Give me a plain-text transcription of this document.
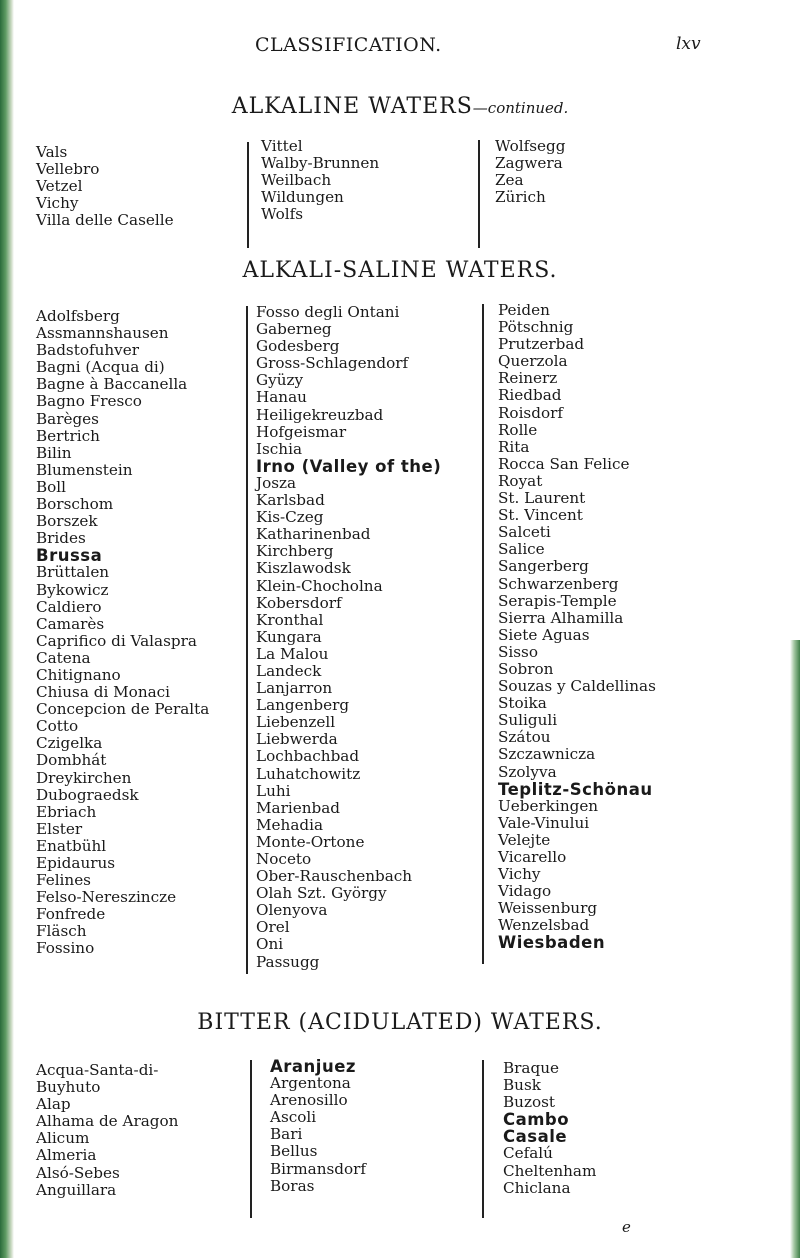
CLASSIFICATION.	lxv
ALKALINE WATERS—continued.
Vals
Vellebro
Vetzel
Vichy
Villa delle Caselle
Vittel
Walby-Brunnen
Weilbach
Wildungen
Wolfs
Wolfsegg
Zagwera
Zea
Zürich
ALKALI-SALINE WATERS.
Adolfsberg
Assmannshausen
Badstofuhver
Bagni (Acqua di)
Bagne à Baccanella
Bagno Fresco
Barèges
Bertrich
Bilin
Blumenstein
Boll
Borschom
Borszek
Brides
Brussa
Brüttalen
Bykowicz
Caldiero
Camarès
Caprifico di Valaspra
Catena
Chitignano
Chiusa di Monaci
Concepcion de Peralta
Cotto
Czigelka
Dombhát
Dreykirchen
Dubograedsk
Ebriach
Elster
Enatbühl
Epidaurus
Felines
Felso-Nereszincze
Fonfrede
Fläsch
Fossino
Fosso degli Ontani
Gaberneg
Godesberg
Gross-Schlagendorf
Gyüzy
Hanau
Heiligekreuzbad
Hofgeismar
Ischia
Irno (Valley of the)
Josza
Karlsbad
Kis-Czeg
Katharinenbad
Kirchberg
Kiszlawodsk
Klein-Chocholna
Kobersdorf
Kronthal
Kungara
La Malou
Landeck
Lanjarron
Langenberg
Liebenzell
Liebwerda
Lochbachbad
Luhatchowitz
Luhi
Marienbad
Mehadia
Monte-Ortone
Noceto
Ober-Rauschenbach
Olah Szt. György
Olenyova
Orel
Oni
Passugg
Peiden
Pötschnig
Prutzerbad
Querzola
Reinerz
Riedbad
Roisdorf
Rolle
Rita
Rocca San Felice
Royat
St. Laurent
St. Vincent
Salceti
Salice
Sangerberg
Schwarzenberg
Serapis-Temple
Sierra Alhamilla
Siete Aguas
Sisso
Sobron
Souzas y Caldellinas
Stoika
Suliguli
Szátou
Szczawnicza
Szolyva
Teplitz-Schönau
Ueberkingen
Vale-Vinului
Velejte
Vicarello
Vichy
Vidago
Weissenburg
Wenzelsbad
Wiesbaden
BITTER (ACIDULATED) WATERS.
Acqua-Santa-di-
Buyhuto
Alap
Alhama de Aragon
Alicum
Almeria
Alsó-Sebes
Anguillara
Aranjuez
Argentona
Arenosillo
Ascoli
Bari
Bellus
Birmansdorf
Boras
Braque
Busk
Buzost
Cambo
Casale
Cefalú
Cheltenham
Chiclana
e
